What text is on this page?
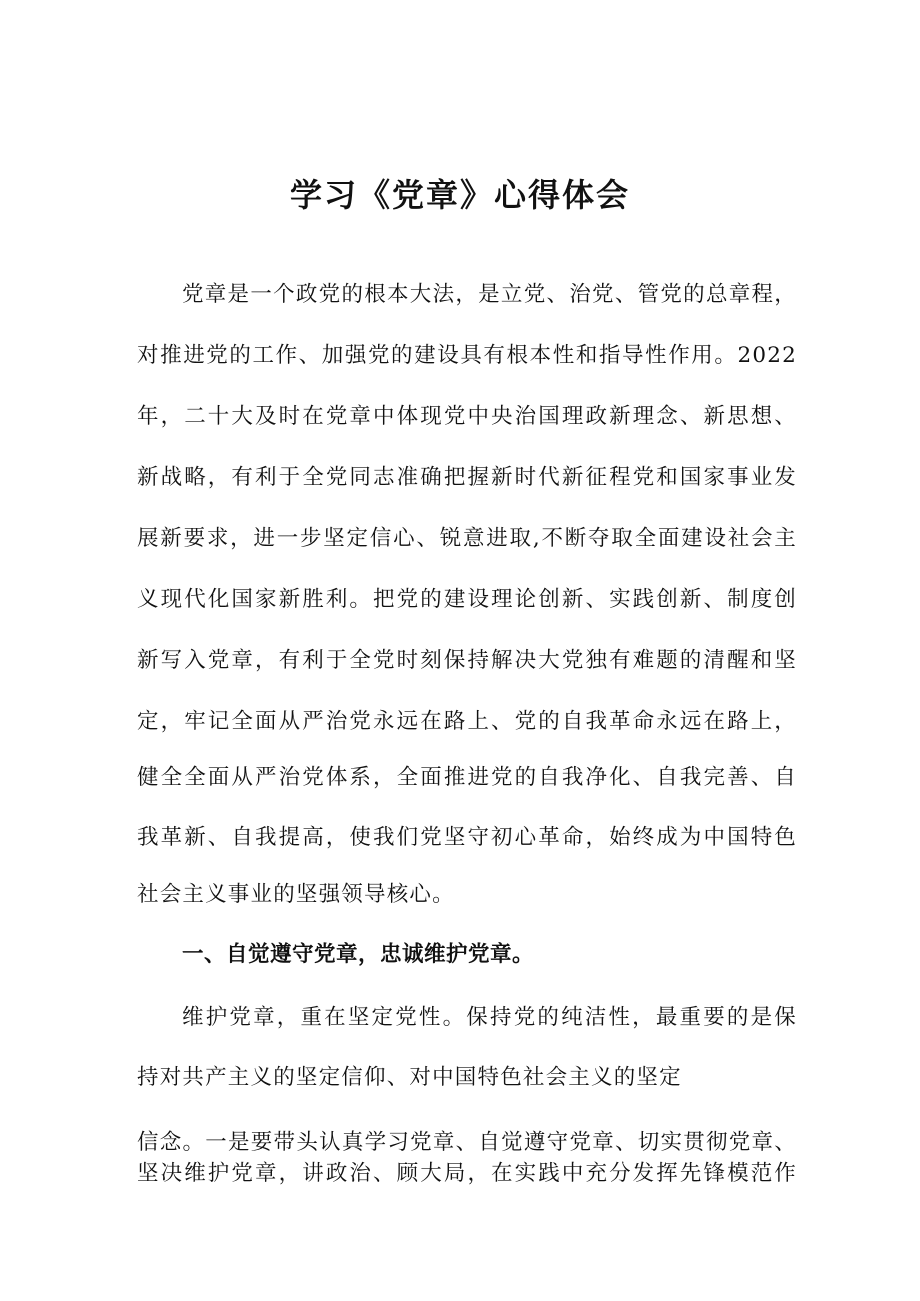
学习《党章》心得体会
党章是一个政党的根本大法，是立党、治党、管党的总章程，
对推进党的工作、加强党的建设具有根本性和指导性作用。2022
年，二十大及时在党章中体现党中央治国理政新理念、新思想、
新战略，有利于全党同志准确把握新时代新征程党和国家事业发
展新要求，进一步坚定信心、锐意进取,不断夺取全面建设社会主
义现代化国家新胜利。把党的建设理论创新、实践创新、制度创
新写入党章，有利于全党时刻保持解决大党独有难题的清醒和坚
定，牢记全面从严治党永远在路上、党的自我革命永远在路上，
健全全面从严治党体系，全面推进党的自我净化、自我完善、自
我革新、自我提高，使我们党坚守初心革命，始终成为中国特色
社会主义事业的坚强领导核心。
一、自觉遵守党章，忠诚维护党章。
维护党章，重在坚定党性。保持党的纯洁性，最重要的是保
持对共产主义的坚定信仰、对中国特色社会主义的坚定
信念。一是要带头认真学习党章、自觉遵守党章、切实贯彻党章、
坚决维护党章，讲政治、顾大局，在实践中充分发挥先锋模范作
